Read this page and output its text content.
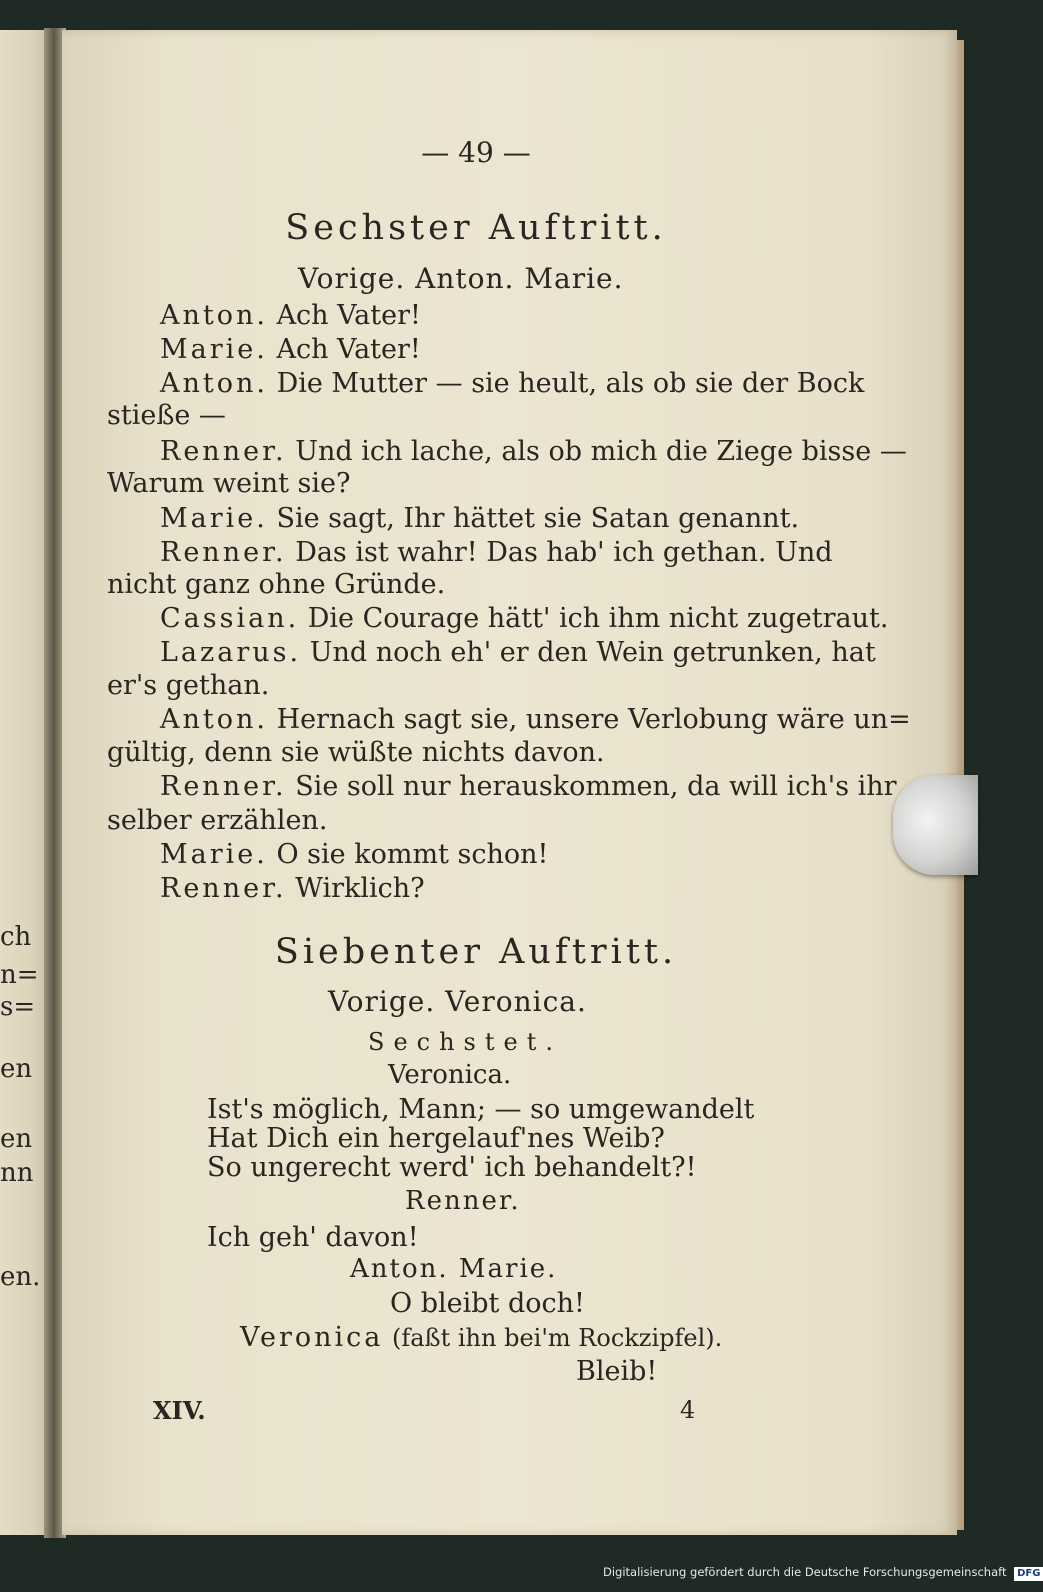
ch
n=
s=
en
en
nn
en.
— 49 —
Sechster Auftritt.
Vorige. Anton. Marie.
Anton. Ach Vater!
Marie. Ach Vater!
Anton. Die Mutter — sie heult, als ob sie der Bock
stieße —
Renner. Und ich lache, als ob mich die Ziege bisse —
Warum weint sie?
Marie. Sie sagt, Ihr hättet sie Satan genannt.
Renner. Das ist wahr! Das hab' ich gethan. Und
nicht ganz ohne Gründe.
Cassian. Die Courage hätt' ich ihm nicht zugetraut.
Lazarus. Und noch eh' er den Wein getrunken, hat
er's gethan.
Anton. Hernach sagt sie, unsere Verlobung wäre un=
gültig, denn sie wüßte nichts davon.
Renner. Sie soll nur herauskommen, da will ich's ihr
selber erzählen.
Marie. O sie kommt schon!
Renner. Wirklich?
Siebenter Auftritt.
Vorige. Veronica.
Sechstet.
Veronica.
Ist's möglich, Mann; — so umgewandelt
Hat Dich ein hergelauf'nes Weib?
So ungerecht werd' ich behandelt?!
Renner.
Ich geh' davon!
Anton. Marie.
O bleibt doch!
Veronica (faßt ihn bei'm Rockzipfel).
Bleib!
XIV.	4
Digitalisierung gefördert durch die Deutsche Forschungsgemeinschaft DFG
